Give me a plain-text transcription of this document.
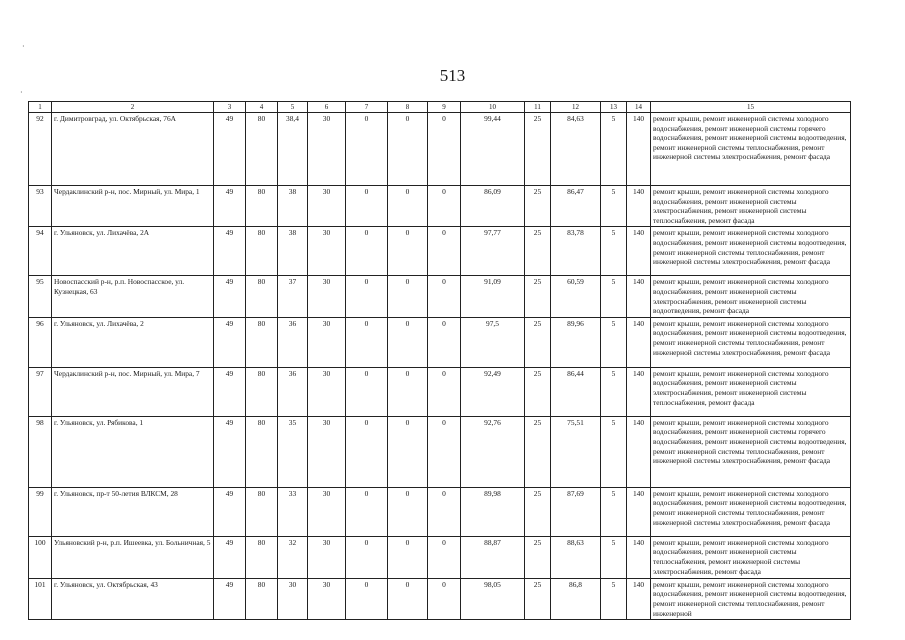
513
·
·
1	2	3	4	5	6	7	8	9	10	11	12	13	14	15
92	г. Димитровград, ул. Октябрьская, 76А	49	80	38,4	30	0	0	0	99,44	25	84,63	5	140	ремонт крыши, ремонт инженерной системы холодного водоснабжения, ремонт инженерной системы горячего водоснабжения, ремонт инженерной системы водоотведения, ремонт инженерной системы теплоснабжения, ремонт инженерной системы электроснабжения, ремонт фасада
93	Чердаклинский р-н, пос. Мирный, ул. Мира, 1	49	80	38	30	0	0	0	86,09	25	86,47	5	140	ремонт крыши, ремонт инженерной системы холодного водоснабжения, ремонт инженерной системы электроснабжения, ремонт инженерной системы теплоснабжения, ремонт фасада
94	г. Ульяновск, ул. Лихачёва, 2А	49	80	38	30	0	0	0	97,77	25	83,78	5	140	ремонт крыши, ремонт инженерной системы холодного водоснабжения, ремонт инженерной системы водоотведения, ремонт инженерной системы теплоснабжения, ремонт инженерной системы электроснабжения, ремонт фасада
95	Новоспасский р-н, р.п. Новоспасское, ул. Кузнецкая, 63	49	80	37	30	0	0	0	91,09	25	60,59	5	140	ремонт крыши, ремонт инженерной системы холодного водоснабжения, ремонт инженерной системы электроснабжения, ремонт инженерной системы водоотведения, ремонт фасада
96	г. Ульяновск, ул. Лихачёва, 2	49	80	36	30	0	0	0	97,5	25	89,96	5	140	ремонт крыши, ремонт инженерной системы холодного водоснабжения, ремонт инженерной системы водоотведения, ремонт инженерной системы теплоснабжения, ремонт инженерной системы электроснабжения, ремонт фасада
97	Чердаклинский р-н, пос. Мирный, ул. Мира, 7	49	80	36	30	0	0	0	92,49	25	86,44	5	140	ремонт крыши, ремонт инженерной системы холодного водоснабжения, ремонт инженерной системы электроснабжения, ремонт инженерной системы теплоснабжения, ремонт фасада
98	г. Ульяновск, ул. Рябикова, 1	49	80	35	30	0	0	0	92,76	25	75,51	5	140	ремонт крыши, ремонт инженерной системы холодного водоснабжения, ремонт инженерной системы горячего водоснабжения, ремонт инженерной системы водоотведения, ремонт инженерной системы теплоснабжения, ремонт инженерной системы электроснабжения, ремонт фасада
99	г. Ульяновск, пр-т 50-летия ВЛКСМ, 28	49	80	33	30	0	0	0	89,98	25	87,69	5	140	ремонт крыши, ремонт инженерной системы холодного водоснабжения, ремонт инженерной системы водоотведения, ремонт инженерной системы теплоснабжения, ремонт инженерной системы электроснабжения, ремонт фасада
100	Ульяновский р-н, р.п. Ишеевка, ул. Больничная, 5	49	80	32	30	0	0	0	88,87	25	88,63	5	140	ремонт крыши, ремонт инженерной системы холодного водоснабжения, ремонт инженерной системы теплоснабжения, ремонт инженерной системы электроснабжения, ремонт фасада
101	г. Ульяновск, ул. Октябрьская, 43	49	80	30	30	0	0	0	98,05	25	86,8	5	140	ремонт крыши, ремонт инженерной системы холодного водоснабжения, ремонт инженерной системы водоотведения, ремонт инженерной системы теплоснабжения, ремонт инженерной
